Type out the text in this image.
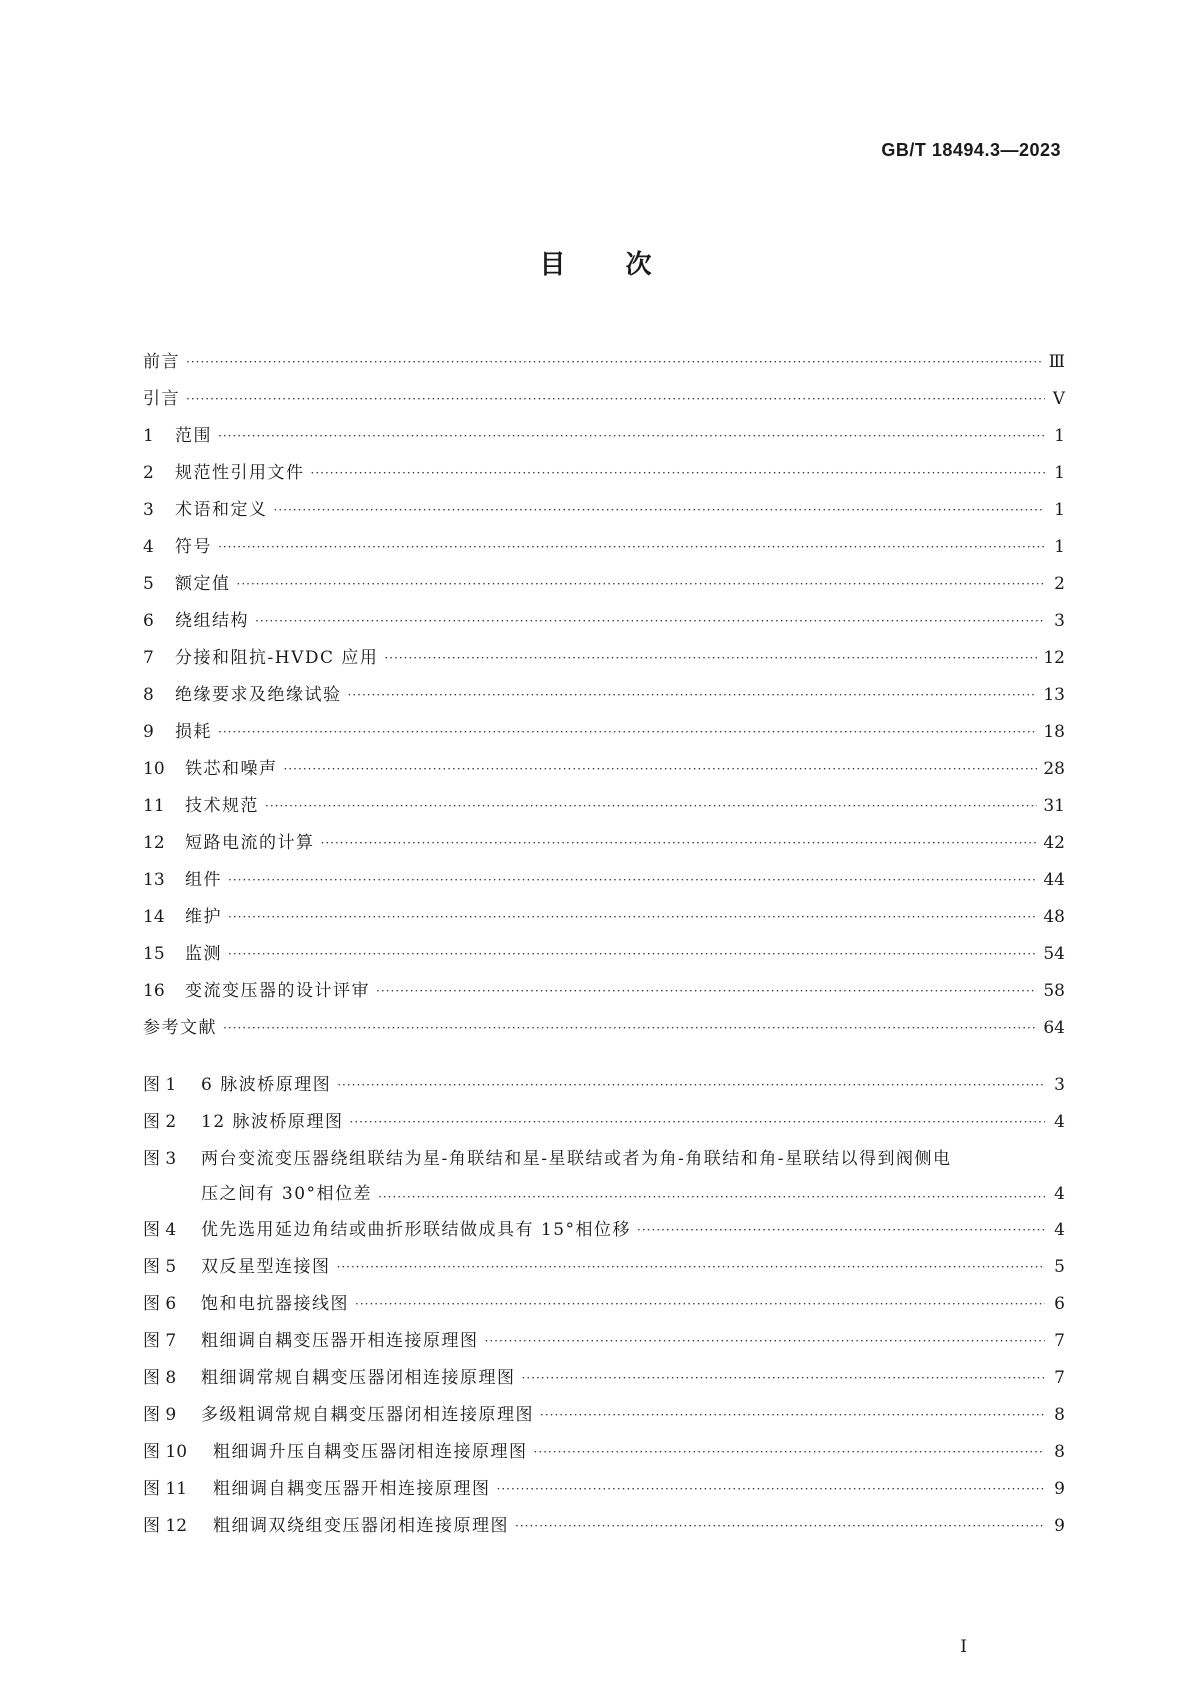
GB/T 18494.3—2023
目次
前言 ·····	Ⅲ
引言 ·····	Ⅴ
1	范围 ·····	1
2	规范性引用文件 ·····	1
3	术语和定义 ·····	1
4	符号 ·····	1
5	额定值 ·····	2
6	绕组结构 ·····	3
7	分接和阻抗-HVDC 应用 ·····	12
8	绝缘要求及绝缘试验 ·····	13
9	损耗 ·····	18
10	铁芯和噪声 ·····	28
11	技术规范 ·····	31
12	短路电流的计算 ·····	42
13	组件 ·····	44
14	维护 ·····	48
15	监测 ·····	54
16	变流变压器的设计评审 ·····	58
参考文献 ·····	64
图 1	6 脉波桥原理图 ·····	3
图 2	12 脉波桥原理图 ·····	4
图 3	两台变流变压器绕组联结为星-角联结和星-星联结或者为角-角联结和角-星联结以得到阀侧电
压之间有 30°相位差 ·····	4
图 4	优先选用延边角结或曲折形联结做成具有 15°相位移 ·····	4
图 5	双反星型连接图 ·····	5
图 6	饱和电抗器接线图 ·····	6
图 7	粗细调自耦变压器开相连接原理图 ·····	7
图 8	粗细调常规自耦变压器闭相连接原理图 ·····	7
图 9	多级粗调常规自耦变压器闭相连接原理图 ·····	8
图 10	粗细调升压自耦变压器闭相连接原理图 ·····	8
图 11	粗细调自耦变压器开相连接原理图 ·····	9
图 12	粗细调双绕组变压器闭相连接原理图 ·····	9
Ⅰ
